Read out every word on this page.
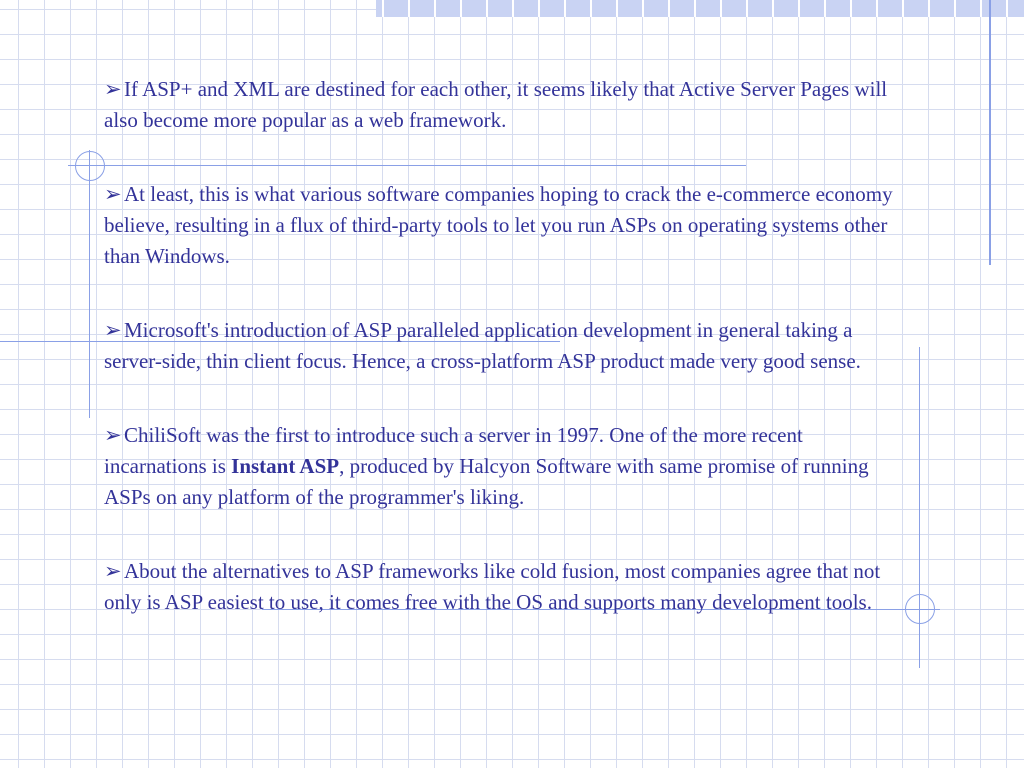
➢ If ASP+ and XML are destined for each other, it seems likely that Active Server Pages will also become more popular as a web framework.

➢ At least, this is what various software companies hoping to crack the e-commerce economy believe, resulting in a flux of third-party tools to let you run ASPs on operating systems other than Windows.

➢ Microsoft's introduction of ASP paralleled application development in general taking a server-side, thin client focus. Hence, a cross-platform ASP product made very good sense.

➢ ChiliSoft was the first to introduce such a server in 1997. One of the more recent incarnations is Instant ASP, produced by Halcyon Software with same promise of running ASPs on any platform of the programmer's liking.

➢ About the alternatives to ASP frameworks like cold fusion, most companies agree that not only is ASP easiest to use, it comes free with the OS and supports many development tools.
